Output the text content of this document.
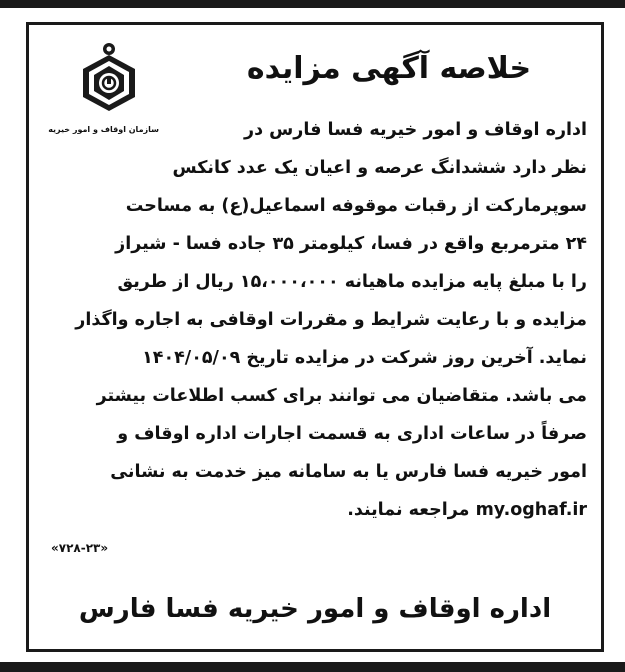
سازمان اوقاف و امور خیریه
خلاصه آگهی مزایده
اداره اوقاف و امور خیریه فسا فارس در
نظر دارد ششدانگ عرصه و اعیان یک عدد کانکس
سوپرمارکت از رقبات موقوفه اسماعیل(ع) به مساحت
۲۴ مترمربع واقع در فسا، کیلومتر ۳۵ جاده فسا - شیراز
را با مبلغ پایه مزایده ماهیانه ۱۵،۰۰۰،۰۰۰ ریال از طریق
مزایده و با رعایت شرایط و مقررات اوقافی به اجاره واگذار
نماید. آخرین روز شرکت در مزایده تاریخ ۱۴۰۴/۰۵/۰۹
می باشد. متقاضیان می توانند برای کسب اطلاعات بیشتر
صرفاً در ساعات اداری به قسمت اجارات اداره اوقاف و
امور خیریه فسا فارس یا به سامانه میز خدمت به نشانی
my.oghaf.ir مراجعه نمایند.
«۷۲۸-۲۳»
اداره اوقاف و امور خیریه فسا فارس
